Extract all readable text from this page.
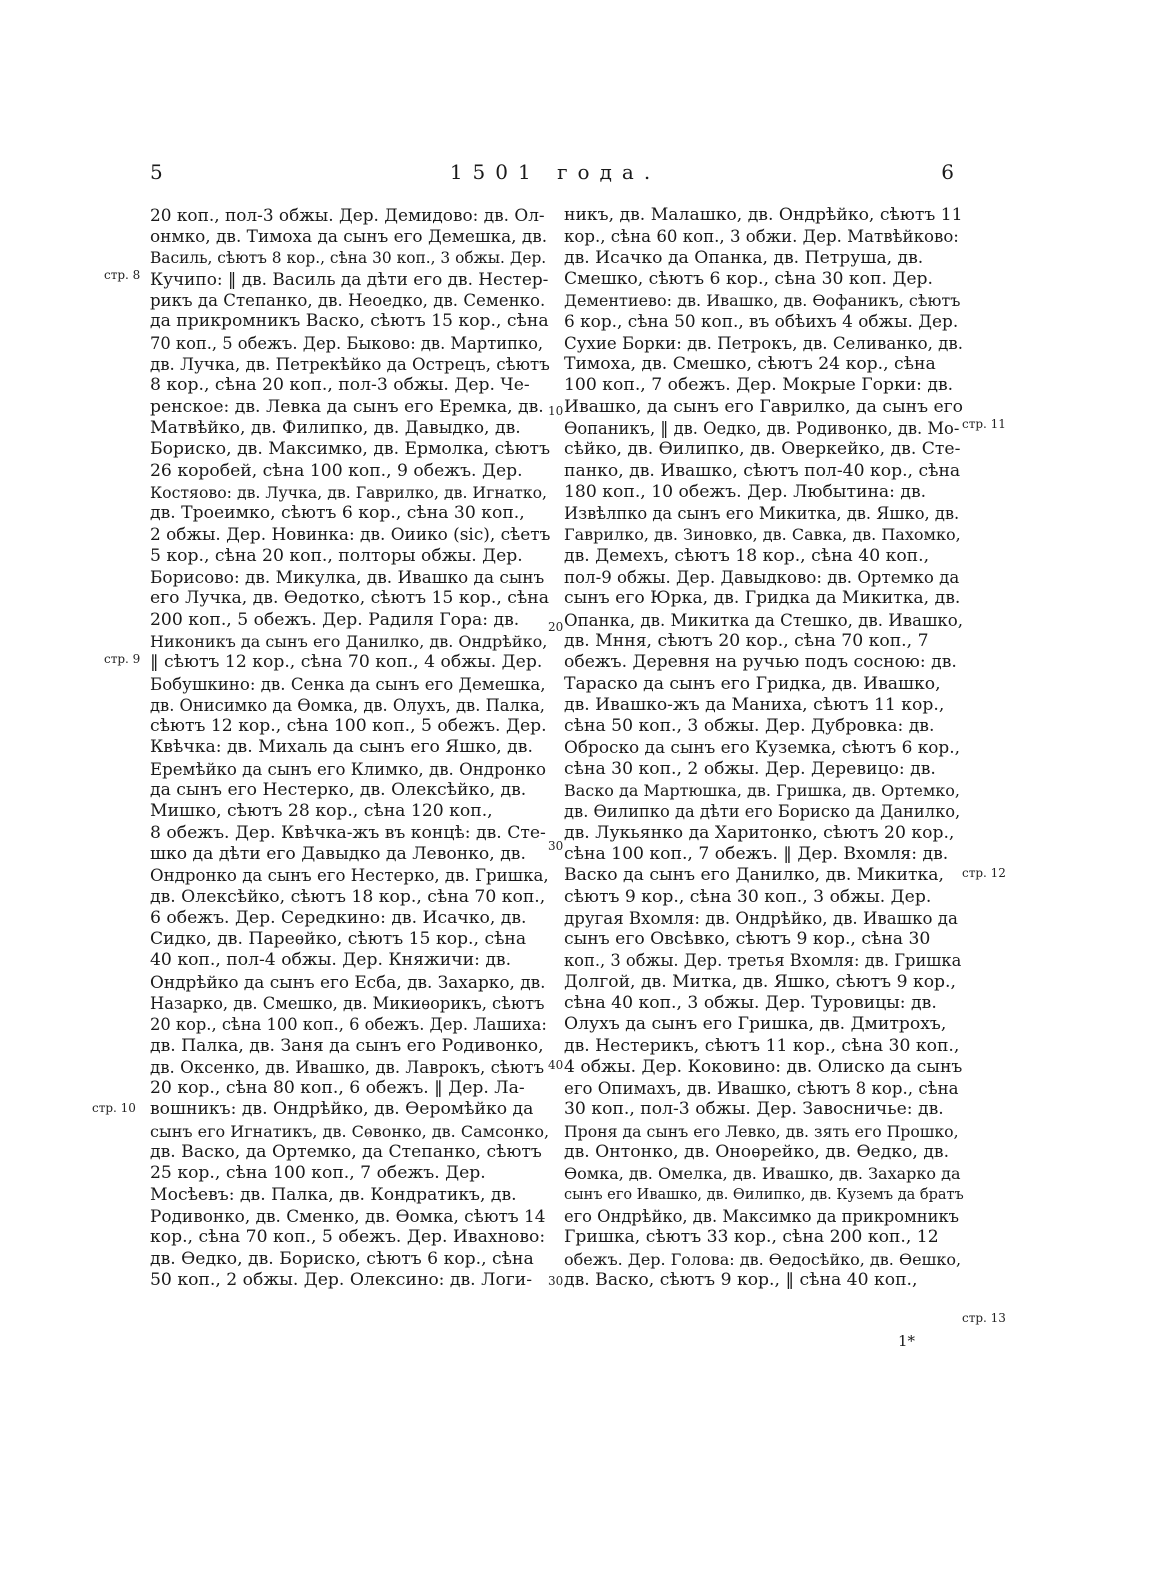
5	1501 года.	6
20 коп., пол-3 обжы. Дер. Демидово: дв. Ол-
онмко, дв. Тимоха да сынъ его Демешка, дв.
Василь, сѣютъ 8 кор., сѣна 30 коп., 3 обжы. Дер.
Кучипо: ‖ дв. Василь да дѣти его дв. Нестер-
рикъ да Степанко, дв. Неоедко, дв. Семенко.
да прикромникъ Васко, сѣютъ 15 кор., сѣна
70 коп., 5 обежъ. Дер. Быково: дв. Мартипко,
дв. Лучка, дв. Петрекѣйко да Острецъ, сѣютъ
8 кор., сѣна 20 коп., пол-3 обжы. Дер. Че-
ренское: дв. Левка да сынъ его Еремка, дв.
Матвѣйко, дв. Филипко, дв. Давыдко, дв.
Бориско, дв. Максимко, дв. Ермолка, сѣютъ
26 коробей, сѣна 100 коп., 9 обежъ. Дер.
Костяово: дв. Лучка, дв. Гаврилко, дв. Игнатко,
дв. Троеимко, сѣютъ 6 кор., сѣна 30 коп.,
2 обжы. Дер. Новинка: дв. Оиико (sic), сѣетъ
5 кор., сѣна 20 коп., полторы обжы. Дер.
Борисово: дв. Микулка, дв. Ивашко да сынъ
его Лучка, дв. Өедотко, сѣютъ 15 кор., сѣна
200 коп., 5 обежъ. Дер. Радиля Гора: дв.
Никоникъ да сынъ его Данилко, дв. Ондрѣйко,
‖ сѣютъ 12 кор., сѣна 70 коп., 4 обжы. Дер.
Бобушкино: дв. Сенка да сынъ его Демешка,
дв. Онисимко да Өомка, дв. Олухъ, дв. Палка,
сѣютъ 12 кор., сѣна 100 коп., 5 обежъ. Дер.
Квѣчка: дв. Михаль да сынъ его Яшко, дв.
Еремѣйко да сынъ его Климко, дв. Ондронко
да сынъ его Нестерко, дв. Олексѣйко, дв.
Мишко, сѣютъ 28 кор., сѣна 120 коп.,
8 обежъ. Дер. Квѣчка-жъ въ концѣ: дв. Сте-
шко да дѣти его Давыдко да Левонко, дв.
Ондронко да сынъ его Нестерко, дв. Гришка,
дв. Олексѣйко, сѣютъ 18 кор., сѣна 70 коп.,
6 обежъ. Дер. Середкино: дв. Исачко, дв.
Сидко, дв. Пареѳйко, сѣютъ 15 кор., сѣна
40 коп., пол-4 обжы. Дер. Княжичи: дв.
Ондрѣйко да сынъ его Есба, дв. Захарко, дв.
Назарко, дв. Смешко, дв. Микиѳорикъ, сѣютъ
20 кор., сѣна 100 коп., 6 обежъ. Дер. Лашиха:
дв. Палка, дв. Заня да сынъ его Родивонко,
дв. Оксенко, дв. Ивашко, дв. Лаврокъ, сѣютъ
20 кор., сѣна 80 коп., 6 обежъ. ‖ Дер. Ла-
вошникъ: дв. Ондрѣйко, дв. Өеромѣйко да
сынъ его Игнатикъ, дв. Сѳвонко, дв. Самсонко,
дв. Васко, да Ортемко, да Степанко, сѣютъ
25 кор., сѣна 100 коп., 7 обежъ. Дер.
Мосѣевъ: дв. Палка, дв. Кондратикъ, дв.
Родивонко, дв. Сменко, дв. Өомка, сѣютъ 14
кор., сѣна 70 коп., 5 обежъ. Дер. Ивахново:
дв. Өедко, дв. Бориско, сѣютъ 6 кор., сѣна
50 коп., 2 обжы. Дер. Олексино: дв. Логи-
никъ, дв. Малашко, дв. Ондрѣйко, сѣютъ 11
кор., сѣна 60 коп., 3 обжи. Дер. Матвѣйково:
дв. Исачко да Опанка, дв. Петруша, дв.
Смешко, сѣютъ 6 кор., сѣна 30 коп. Дер.
Дементиево: дв. Ивашко, дв. Өофаникъ, сѣютъ
6 кор., сѣна 50 коп., въ обѣихъ 4 обжы. Дер.
Сухие Борки: дв. Петрокъ, дв. Селиванко, дв.
Тимоха, дв. Смешко, сѣютъ 24 кор., сѣна
100 коп., 7 обежъ. Дер. Мокрые Горки: дв.
Ивашко, да сынъ его Гаврилко, да сынъ его
Өопаникъ, ‖ дв. Оедко, дв. Родивонко, дв. Мо-
сѣйко, дв. Өилипко, дв. Оверкейко, дв. Сте-
панко, дв. Ивашко, сѣютъ пол-40 кор., сѣна
180 коп., 10 обежъ. Дер. Любытина: дв.
Извѣлпко да сынъ его Микитка, дв. Яшко, дв.
Гаврилко, дв. Зиновко, дв. Савка, дв. Пахомко,
дв. Демехъ, сѣютъ 18 кор., сѣна 40 коп.,
пол-9 обжы. Дер. Давыдково: дв. Ортемко да
сынъ его Юрка, дв. Гридка да Микитка, дв.
Опанка, дв. Микитка да Стешко, дв. Ивашко,
дв. Мння, сѣютъ 20 кор., сѣна 70 коп., 7
обежъ. Деревня на ручью подъ сосною: дв.
Тараско да сынъ его Гридка, дв. Ивашко,
дв. Ивашко-жъ да Маниха, сѣютъ 11 кор.,
сѣна 50 коп., 3 обжы. Дер. Дубровка: дв.
Оброско да сынъ его Куземка, сѣютъ 6 кор.,
сѣна 30 коп., 2 обжы. Дер. Деревицо: дв.
Васко да Мартюшка, дв. Гришка, дв. Ортемко,
дв. Өилипко да дѣти его Бориско да Данилко,
дв. Лукьянко да Харитонко, сѣютъ 20 кор.,
сѣна 100 коп., 7 обежъ. ‖ Дер. Вхомля: дв.
Васко да сынъ его Данилко, дв. Микитка,
сѣютъ 9 кор., сѣна 30 коп., 3 обжы. Дер.
другая Вхомля: дв. Ондрѣйко, дв. Ивашко да
сынъ его Овсѣвко, сѣютъ 9 кор., сѣна 30
коп., 3 обжы. Дер. третья Вхомля: дв. Гришка
Долгой, дв. Митка, дв. Яшко, сѣютъ 9 кор.,
сѣна 40 коп., 3 обжы. Дер. Туровицы: дв.
Олухъ да сынъ его Гришка, дв. Дмитрохъ,
дв. Нестерикъ, сѣютъ 11 кор., сѣна 30 коп.,
4 обжы. Дер. Коковино: дв. Олиско да сынъ
его Опимахъ, дв. Ивашко, сѣютъ 8 кор., сѣна
30 коп., пол-3 обжы. Дер. Завосничье: дв.
Проня да сынъ его Левко, дв. зять его Прошко,
дв. Онтонко, дв. Оноѳрейко, дв. Өедко, дв.
Өомка, дв. Омелка, дв. Ивашко, дв. Захарко да
сынъ его Ивашко, дв. Өилипко, дв. Куземъ да братъ
его Ондрѣйко, дв. Максимко да прикромникъ
Гришка, сѣютъ 33 кор., сѣна 200 коп., 12
обежъ. Дер. Голова: дв. Өедосѣйко, дв. Өешко,
дв. Васко, сѣютъ 9 кор., ‖ сѣна 40 коп.,
стр. 8
стр. 9
стр. 10
стр. 11
стр. 12
стр. 13
10
20
30
40
30
1*
